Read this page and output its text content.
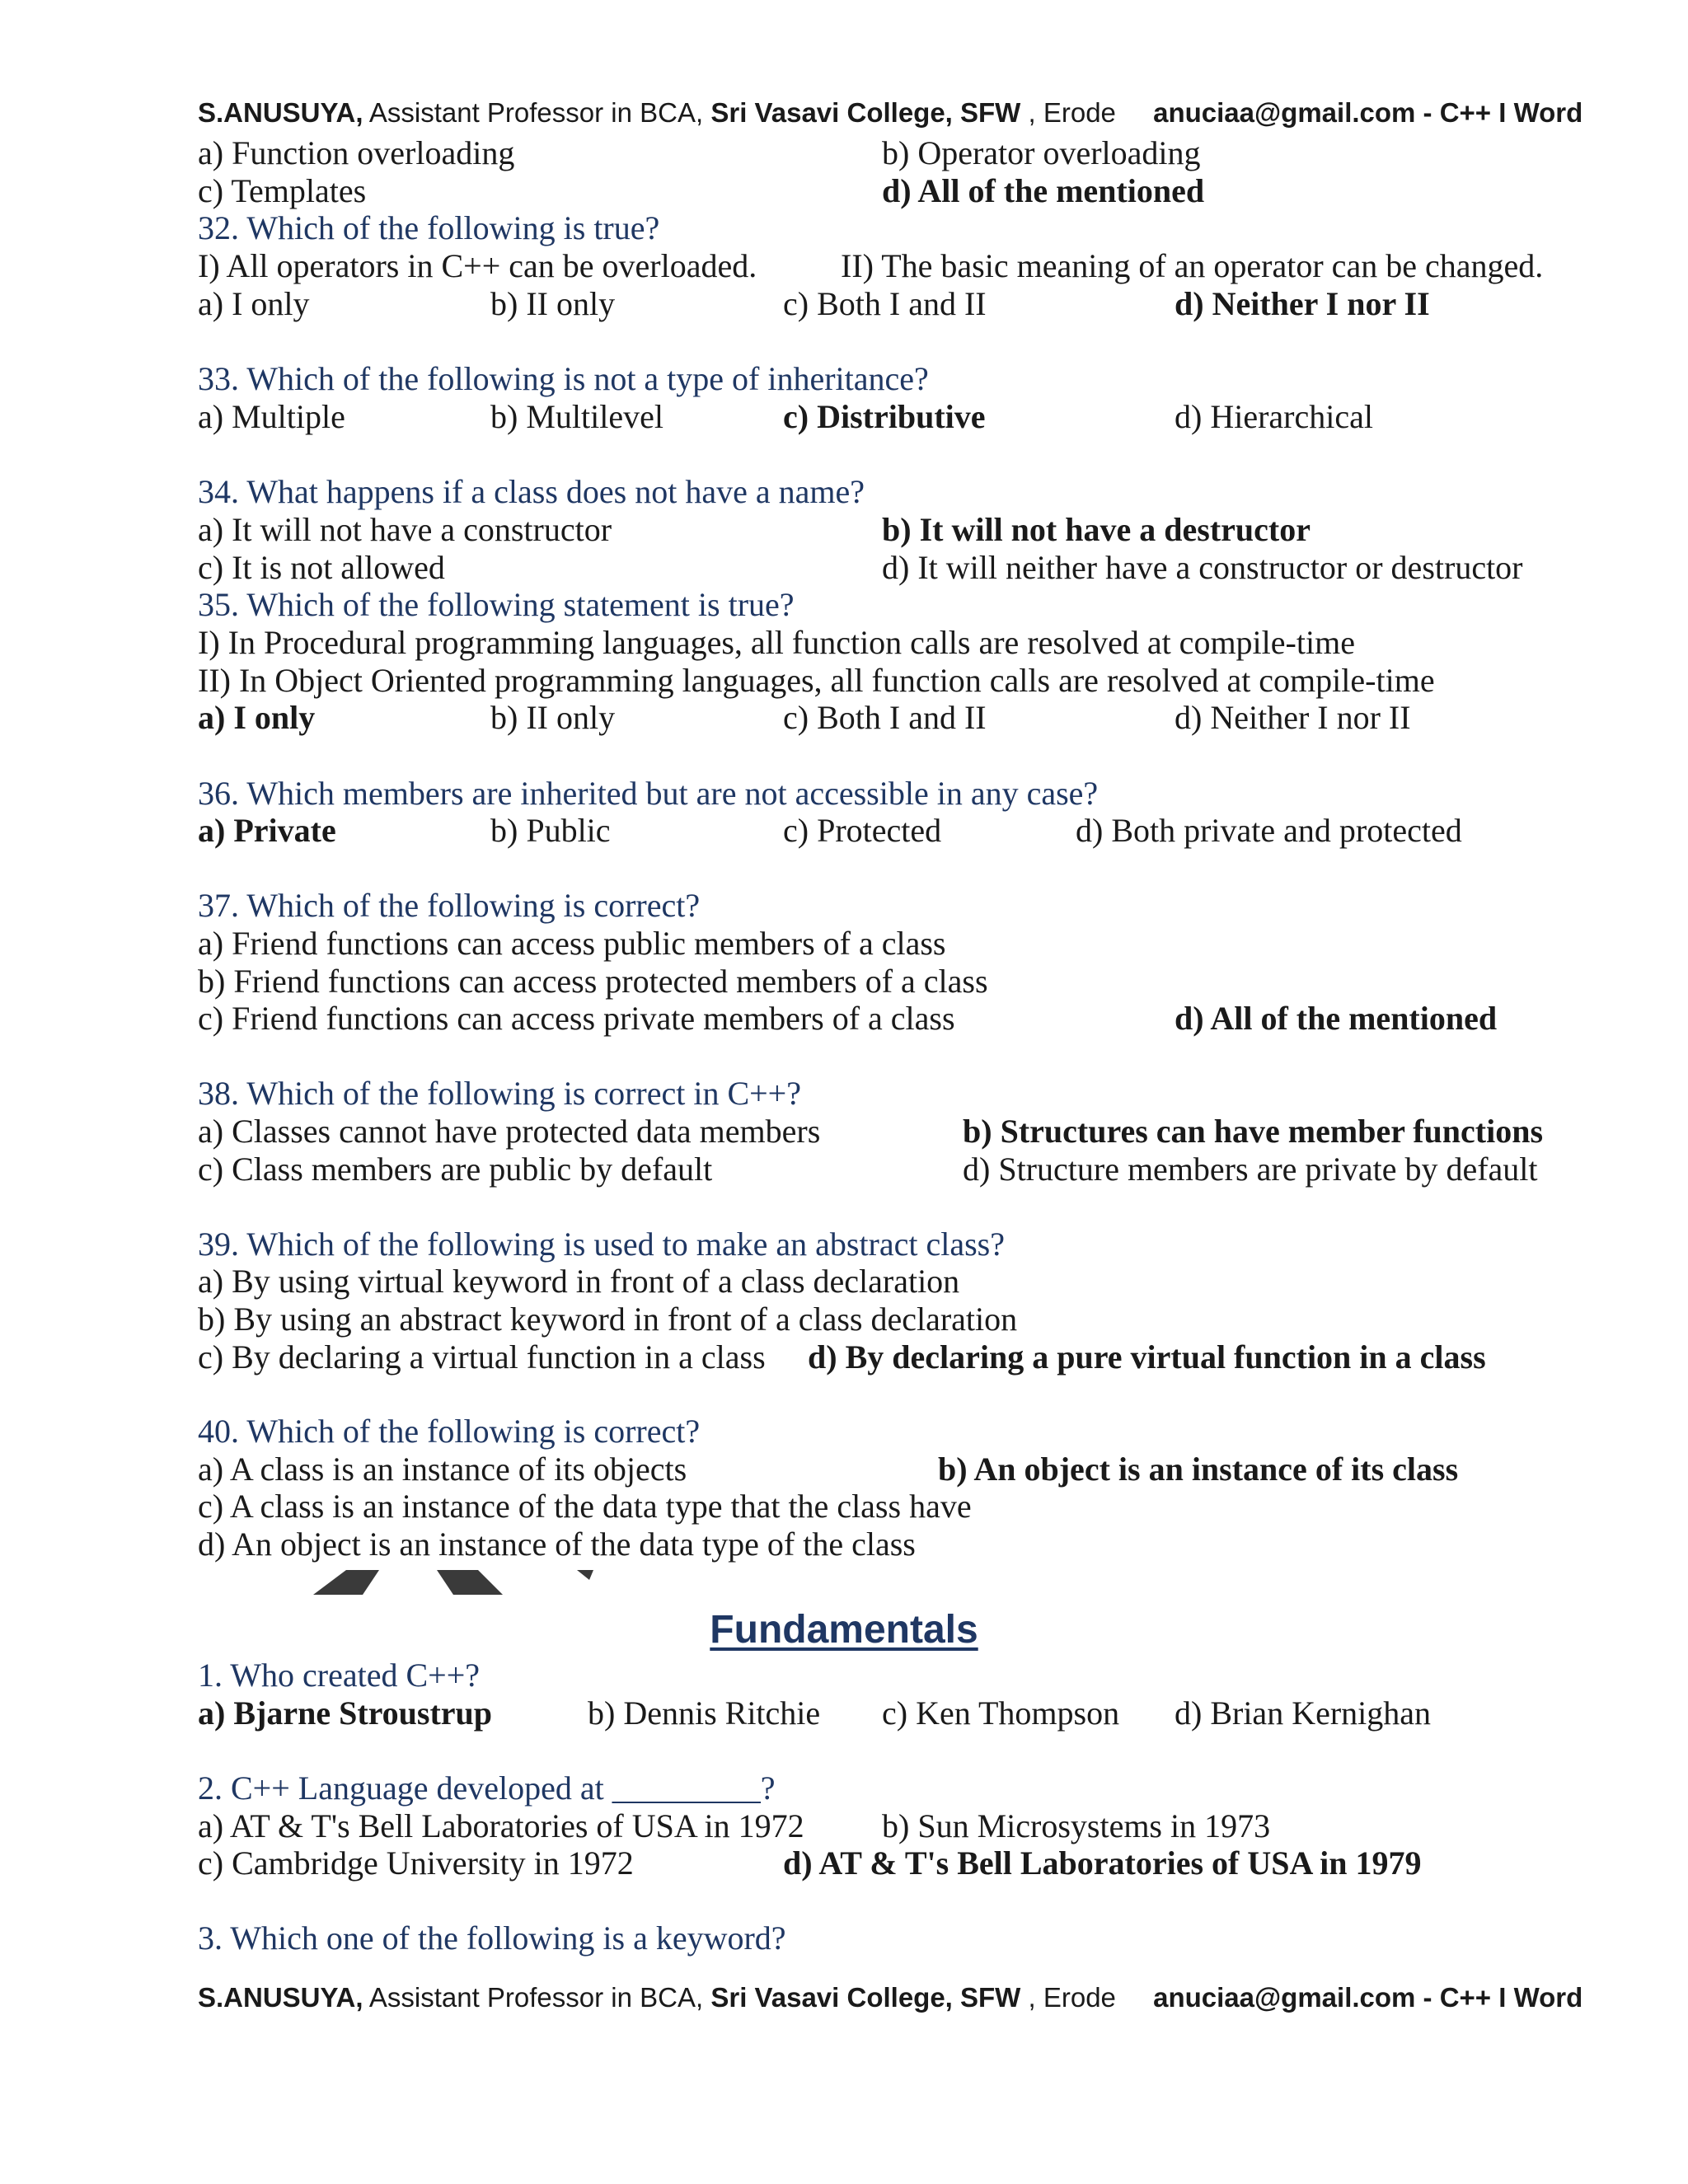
S.ANUSUYA, Assistant Professor in BCA, Sri Vasavi College, SFW , Erode anuciaa@gmail.com - C++ I Word
a) Function overloading	b) Operator overloading
c) Templates	d) All of the mentioned
32. Which of the following is true?
I) All operators in C++ can be overloaded.	II) The basic meaning of an operator can be changed.
a) I only	b) II only	c) Both I and II	d) Neither I nor II
33. Which of the following is not a type of inheritance?
a) Multiple	b) Multilevel	c) Distributive	d) Hierarchical
34. What happens if a class does not have a name?
a) It will not have a constructor	b) It will not have a destructor
c) It is not allowed	d) It will neither have a constructor or destructor
35. Which of the following statement is true?
I) In Procedural programming languages, all function calls are resolved at compile-time
II) In Object Oriented programming languages, all function calls are resolved at compile-time
a) I only	b) II only	c) Both I and II	d) Neither I nor II
36. Which members are inherited but are not accessible in any case?
a) Private	b) Public	c) Protected	d) Both private and protected
37. Which of the following is correct?
a) Friend functions can access public members of a class
b) Friend functions can access protected members of a class
c) Friend functions can access private members of a class	d) All of the mentioned
38. Which of the following is correct in C++?
a) Classes cannot have protected data members	b) Structures can have member functions
c) Class members are public by default	d) Structure members are private by default
39. Which of the following is used to make an abstract class?
a) By using virtual keyword in front of a class declaration
b) By using an abstract keyword in front of a class declaration
c) By declaring a virtual function in a class d) By declaring a pure virtual function in a class
40. Which of the following is correct?
a) A class is an instance of its objects	b) An object is an instance of its class
c) A class is an instance of the data type that the class have
d) An object is an instance of the data type of the class
Fundamentals
1. Who created C++?
a) Bjarne Stroustrup	b) Dennis Ritchie c) Ken Thompson d) Brian Kernighan
2. C++ Language developed at _________?
a) AT & T's Bell Laboratories of USA in 1972 b) Sun Microsystems in 1973
c) Cambridge University in 1972	d) AT & T's Bell Laboratories of USA in 1979
3. Which one of the following is a keyword?
S.ANUSUYA, Assistant Professor in BCA, Sri Vasavi College, SFW , Erode anuciaa@gmail.com - C++ I Word
